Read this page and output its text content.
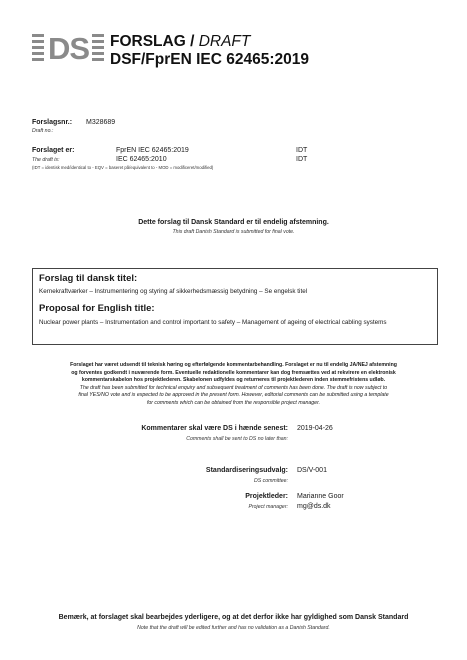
DS FORSLAG / DRAFT
DSF/FprEN IEC 62465:2019
Forslagsnr.: M328689
Draft no.:
Forslaget er:	FprEN IEC 62465:2019	IDT
The draft is:	IEC 62465:2010	IDT
(IDT = identisk med/identical to - EQV = baseret på/equivalent to - MOD = modificeret/modified)
Dette forslag til Dansk Standard er til endelig afstemning.
This draft Danish Standard is submitted for final vote.
Forslag til dansk titel:
Kernekraftværker – Instrumentering og styring af sikkerhedsmæssig betydning – Se engelsk titel
Proposal for English title:
Nuclear power plants – Instrumentation and control important to safety – Management of ageing of electrical cabling systems
Forslaget har været udsendt til teknisk høring og efterfølgende kommentarbehandling. Forslaget er nu til endelig JA/NEJ afstemning
og forventes godkendt i nuværende form. Eventuelle redaktionelle kommentarer kan dog fremsættes ved at rekvirere en elektronisk
kommentarskabelon hos projektlederen. Skabelonen udfyldes og returneres til projektlederen inden stemmefristens udløb.
The draft has been submitted for technical enquiry and subsequent treatment of comments has been done. The draft is now subject to
final YES/NO vote and is expected to be approved in the present form. However, editorial comments can be submitted using a template
for comments which can be obtained from the responsible project manager.
Kommentarer skal være DS i hænde senest:
Comments shall be sent to DS no later than:
2019-04-26
Standardiseringsudvalg:
DS committee:
DS/V-001
Projektleder:
Project manager:
Marianne Goor
mg@ds.dk
Bemærk, at forslaget skal bearbejdes yderligere, og at det derfor ikke har gyldighed som Dansk Standard
Note that the draft will be edited further and has no validation as a Danish Standard.
